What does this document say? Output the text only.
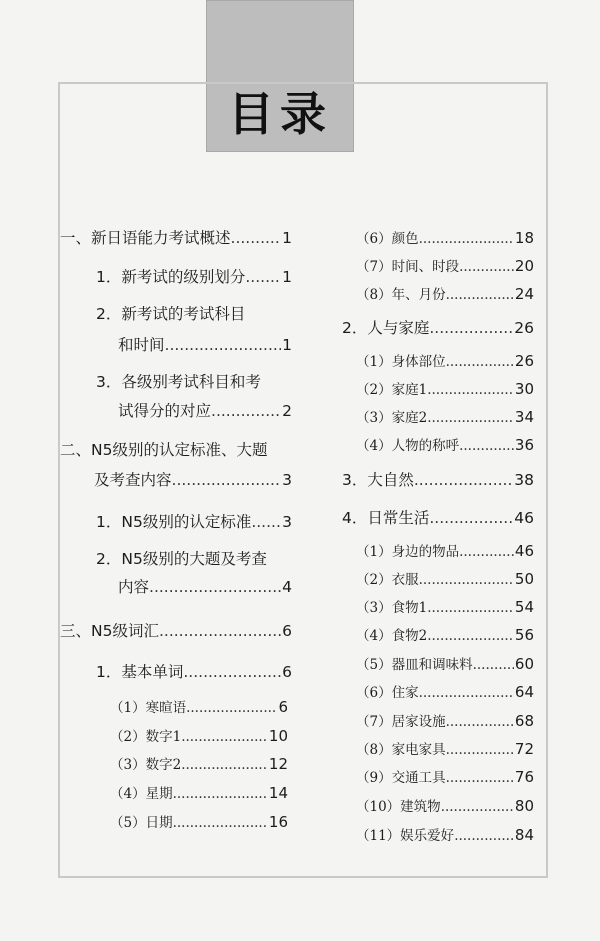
目录
一、新日语能力考试概述 .....	1
1．新考试的级别划分 ..... 1
2．新考试的考试科目
和时间 .....	1
3．各级别考试科目和考
试得分的对应 .....	2
二、N5级别的认定标准、大题
及考查内容 .....	3
1．N5级别的认定标准 ..... 3
2．N5级别的大题及考查
内容 .....	4
三、N5级词汇 .....	6
1．基本单词 .....	6
（1）寒暄语 .....	6
（2）数字1 .....	10
（3）数字2 .....	12
（4）星期 .....	14
（5）日期 .....	16
（6）颜色 .....	18
（7）时间、时段 .....	20
（8）年、月份 .....	24
2．人与家庭 .....	26
（1）身体部位 .....	26
（2）家庭1 .....	30
（3）家庭2 .....	34
（4）人物的称呼 .....	36
3．大自然 .....	38
4．日常生活 .....	46
（1）身边的物品 .....	46
（2）衣服 .....	50
（3）食物1 .....	54
（4）食物2 .....	56
（5）器皿和调味料 .....	60
（6）住家 .....	64
（7）居家设施 .....	68
（8）家电家具 .....	72
（9）交通工具 .....	76
（10）建筑物 .....	80
（11）娱乐爱好 .....	84
